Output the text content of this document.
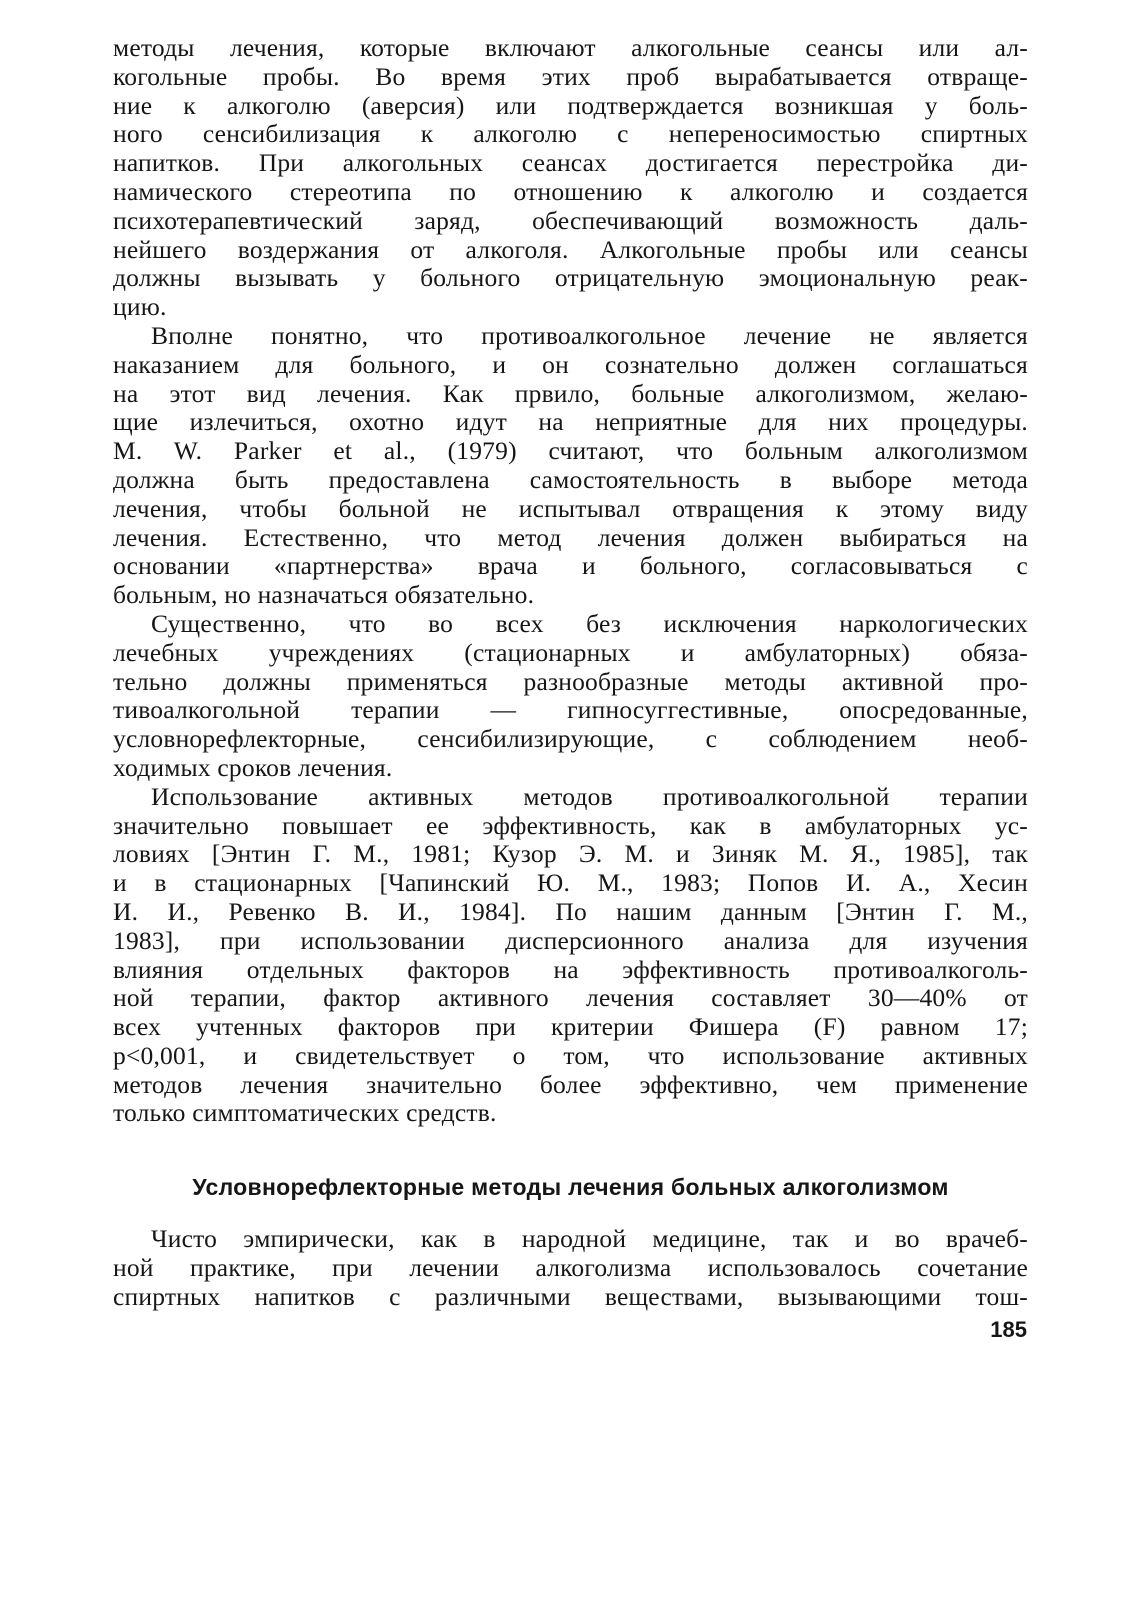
методы лечения, которые включают алкогольные сеансы или ал-
когольные пробы. Во время этих проб вырабатывается отвраще-
ние к алкоголю (аверсия) или подтверждается возникшая у боль-
ного сенсибилизация к алкоголю с непереносимостью спиртных
напитков. При алкогольных сеансах достигается перестройка ди-
намического стереотипа по отношению к алкоголю и создается
психотерапевтический заряд, обеспечивающий возможность даль-
нейшего воздержания от алкоголя. Алкогольные пробы или сеансы
должны вызывать у больного отрицательную эмоциональную реак-
цию.
Вполне понятно, что противоалкогольное лечение не является
наказанием для больного, и он сознательно должен соглашаться
на этот вид лечения. Как првило, больные алкоголизмом, желаю-
щие излечиться, охотно идут на неприятные для них процедуры.
M. W. Parker et al., (1979) считают, что больным алкоголизмом
должна быть предоставлена самостоятельность в выборе метода
лечения, чтобы больной не испытывал отвращения к этому виду
лечения. Естественно, что метод лечения должен выбираться на
основании «партнерства» врача и больного, согласовываться с
больным, но назначаться обязательно.
Существенно, что во всех без исключения наркологических
лечебных учреждениях (стационарных и амбулаторных) обяза-
тельно должны применяться разнообразные методы активной про-
тивоалкогольной терапии — гипносуггестивные, опосредованные,
условнорефлекторные, сенсибилизирующие, с соблюдением необ-
ходимых сроков лечения.
Использование активных методов противоалкогольной терапии
значительно повышает ее эффективность, как в амбулаторных ус-
ловиях [Энтин Г. М., 1981; Кузор Э. М. и Зиняк М. Я., 1985], так
и в стационарных [Чапинский Ю. М., 1983; Попов И. А., Хесин
И. И., Ревенко В. И., 1984]. По нашим данным [Энтин Г. М.,
1983], при использовании дисперсионного анализа для изучения
влияния отдельных факторов на эффективность противоалкоголь-
ной терапии, фактор активного лечения составляет 30—40% от
всех учтенных факторов при критерии Фишера (F) равном 17;
p<0,001, и свидетельствует о том, что использование активных
методов лечения значительно более эффективно, чем применение
только симптоматических средств.
Условнорефлекторные методы лечения больных алкоголизмом
Чисто эмпирически, как в народной медицине, так и во врачеб-
ной практике, при лечении алкоголизма использовалось сочетание
спиртных напитков с различными веществами, вызывающими тош-
185
